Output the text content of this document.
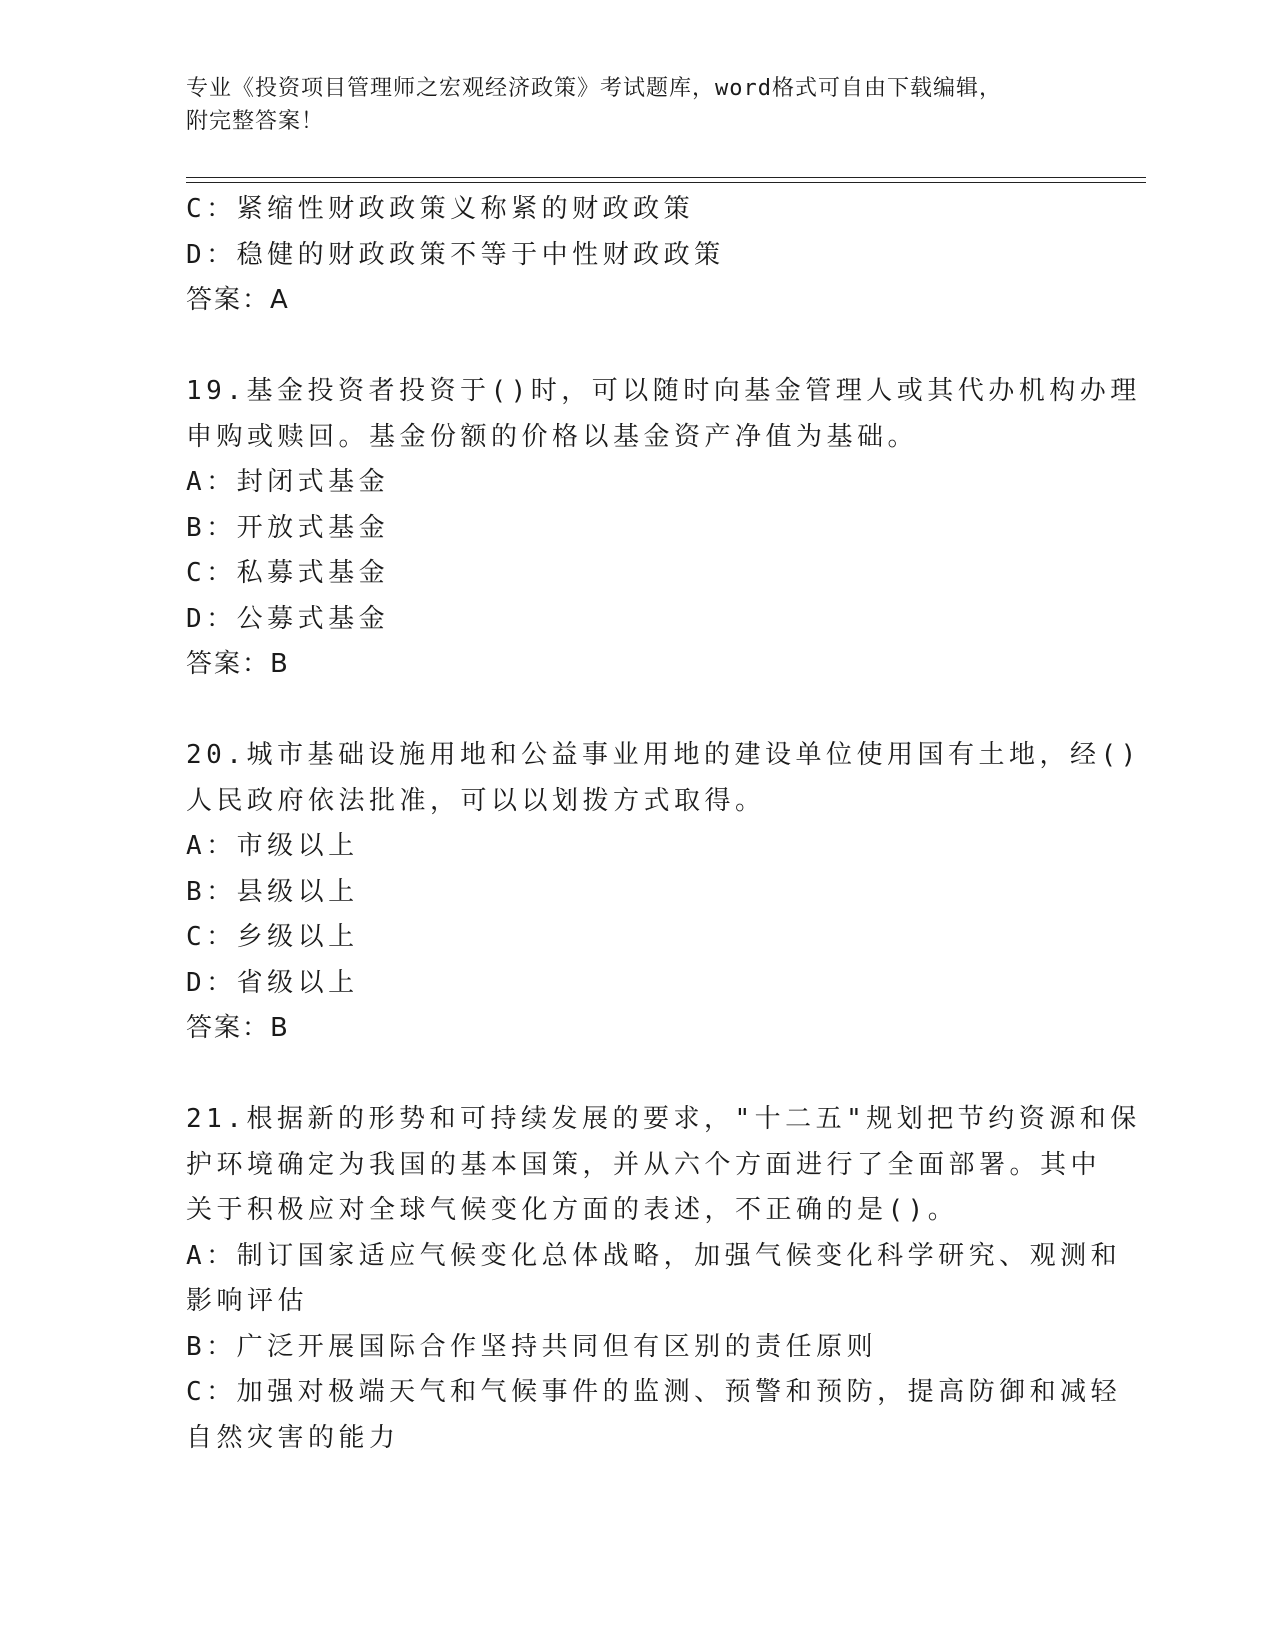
专业《投资项目管理师之宏观经济政策》考试题库，word格式可自由下载编辑，
附完整答案！
C：紧缩性财政政策义称紧的财政政策
D：稳健的财政政策不等于中性财政政策
答案：A
19.基金投资者投资于()时，可以随时向基金管理人或其代办机构办理
申购或赎回。基金份额的价格以基金资产净值为基础。
A：封闭式基金
B：开放式基金
C：私募式基金
D：公募式基金
答案：B
20.城市基础设施用地和公益事业用地的建设单位使用国有土地，经()
人民政府依法批准，可以以划拨方式取得。
A：市级以上
B：县级以上
C：乡级以上
D：省级以上
答案：B
21.根据新的形势和可持续发展的要求，"十二五"规划把节约资源和保
护环境确定为我国的基本国策，并从六个方面进行了全面部署。其中
关于积极应对全球气候变化方面的表述，不正确的是()。
A：制订国家适应气候变化总体战略，加强气候变化科学研究、观测和
影响评估
B：广泛开展国际合作坚持共同但有区别的责任原则
C：加强对极端天气和气候事件的监测、预警和预防，提高防御和减轻
自然灾害的能力
